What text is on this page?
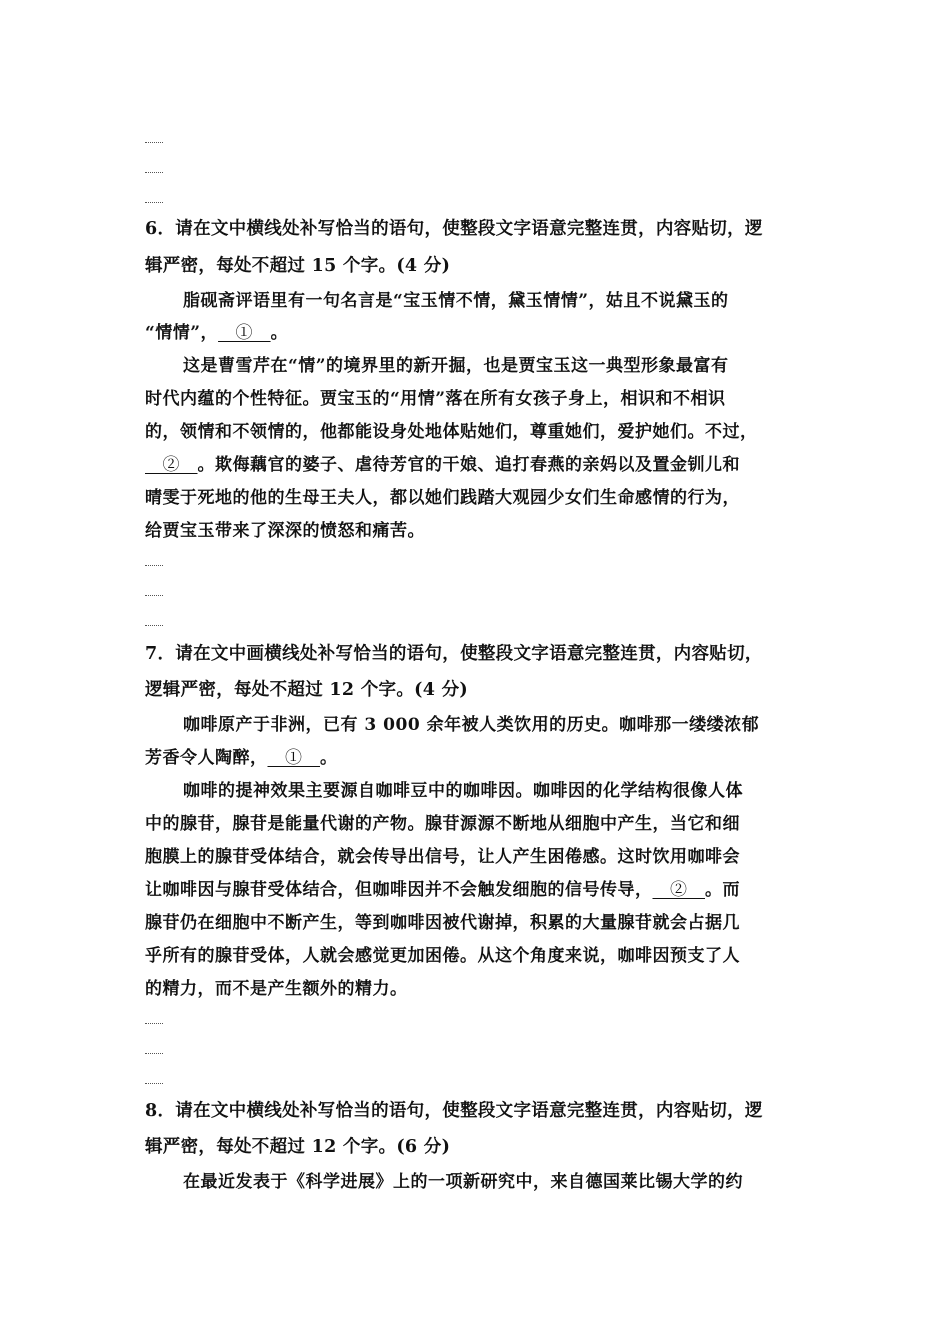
6．请在文中横线处补写恰当的语句，使整段文字语意完整连贯，内容贴切，逻
辑严密，每处不超过 15 个字。(4 分)
脂砚斋评语里有一句名言是“宝玉情不情，黛玉情情”，姑且不说黛玉的
“情情”，　①　。
这是曹雪芹在“情”的境界里的新开掘，也是贾宝玉这一典型形象最富有
时代内蕴的个性特征。贾宝玉的“用情”落在所有女孩子身上，相识和不相识
的，领情和不领情的，他都能设身处地体贴她们，尊重她们，爱护她们。不过，
　②　。欺侮藕官的婆子、虐待芳官的干娘、追打春燕的亲妈以及置金钏儿和
晴雯于死地的他的生母王夫人，都以她们践踏大观园少女们生命感情的行为，
给贾宝玉带来了深深的愤怒和痛苦。
7．请在文中画横线处补写恰当的语句，使整段文字语意完整连贯，内容贴切，
逻辑严密，每处不超过 12 个字。(4 分)
咖啡原产于非洲，已有 3 000 余年被人类饮用的历史。咖啡那一缕缕浓郁
芳香令人陶醉，　①　。
咖啡的提神效果主要源自咖啡豆中的咖啡因。咖啡因的化学结构很像人体
中的腺苷，腺苷是能量代谢的产物。腺苷源源不断地从细胞中产生，当它和细
胞膜上的腺苷受体结合，就会传导出信号，让人产生困倦感。这时饮用咖啡会
让咖啡因与腺苷受体结合，但咖啡因并不会触发细胞的信号传导，　②　。而
腺苷仍在细胞中不断产生，等到咖啡因被代谢掉，积累的大量腺苷就会占据几
乎所有的腺苷受体，人就会感觉更加困倦。从这个角度来说，咖啡因预支了人
的精力，而不是产生额外的精力。
8．请在文中横线处补写恰当的语句，使整段文字语意完整连贯，内容贴切，逻
辑严密，每处不超过 12 个字。(6 分)
在最近发表于《科学进展》上的一项新研究中，来自德国莱比锡大学的约
